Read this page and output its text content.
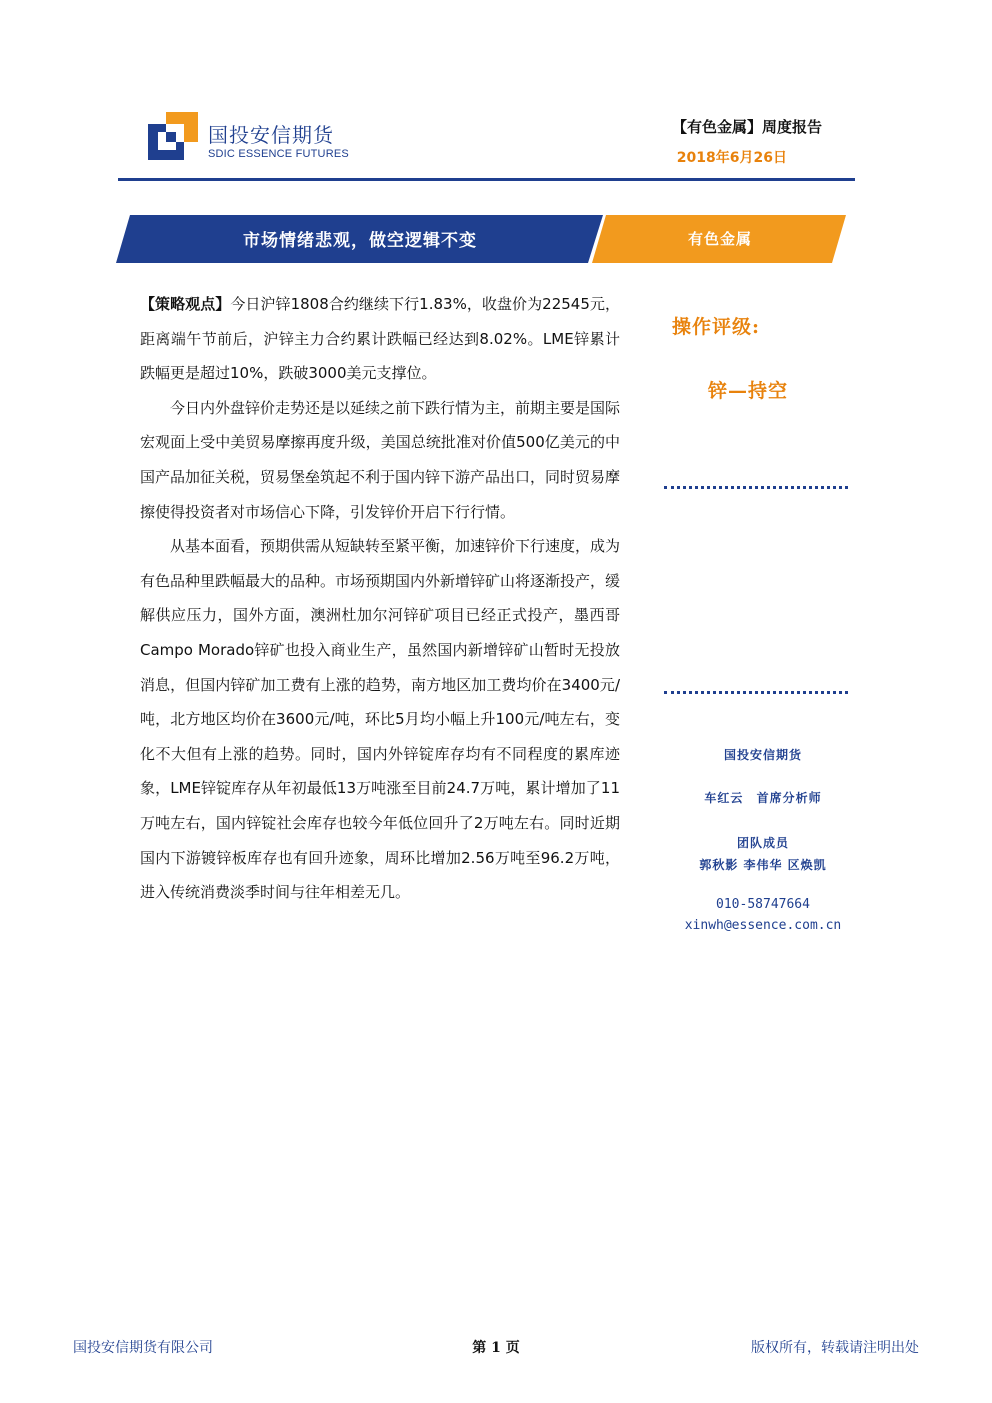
国投安信期货
SDIC ESSENCE FUTURES
【有色金属】周度报告
2018年6月26日
市场情绪悲观，做空逻辑不变	有色金属

【策略观点】今日沪锌1808合约继续下行1.83%，收盘价为22545元，距离端午节前后，沪锌主力合约累计跌幅已经达到8.02%。LME锌累计跌幅更是超过10%，跌破3000美元支撑位。

今日内外盘锌价走势还是以延续之前下跌行情为主，前期主要是国际宏观面上受中美贸易摩擦再度升级，美国总统批准对价值500亿美元的中国产品加征关税，贸易堡垒筑起不利于国内锌下游产品出口，同时贸易摩擦使得投资者对市场信心下降，引发锌价开启下行行情。

从基本面看，预期供需从短缺转至紧平衡，加速锌价下行速度，成为有色品种里跌幅最大的品种。市场预期国内外新增锌矿山将逐渐投产，缓解供应压力，国外方面，澳洲杜加尔河锌矿项目已经正式投产，墨西哥Campo Morado锌矿也投入商业生产，虽然国内新增锌矿山暂时无投放消息，但国内锌矿加工费有上涨的趋势，南方地区加工费均价在3400元/吨，北方地区均价在3600元/吨，环比5月均小幅上升100元/吨左右，变化不大但有上涨的趋势。同时，国内外锌锭库存均有不同程度的累库迹象，LME锌锭库存从年初最低13万吨涨至目前24.7万吨，累计增加了11万吨左右，国内锌锭社会库存也较今年低位回升了2万吨左右。同时近期国内下游镀锌板库存也有回升迹象，周环比增加2.56万吨至96.2万吨，进入传统消费淡季时间与往年相差无几。

操作评级:
锌—持空
国投安信期货
车红云 首席分析师
团队成员
郭秋影 李伟华 区焕凯
010-58747664
xinwh@essence.com.cn
国投安信期货有限公司	第 1 页	版权所有，转载请注明出处
